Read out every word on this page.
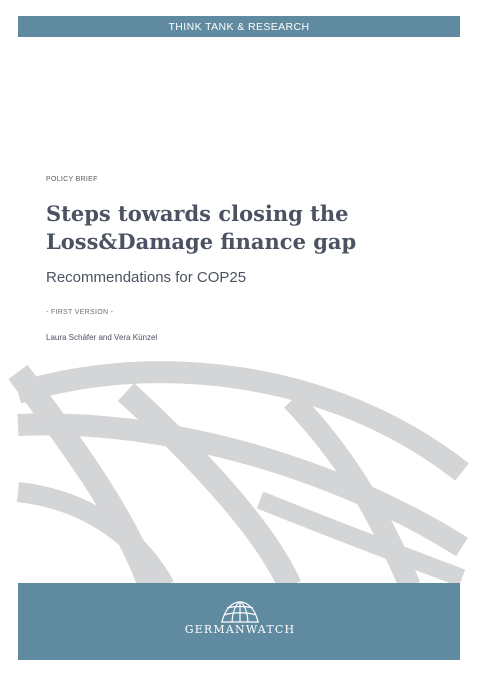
THINK TANK & RESEARCH
POLICY BRIEF
Steps towards closing the
Loss&Damage finance gap
Recommendations for COP25
- FIRST VERSION -
Laura Schäfer and Vera Künzel
GERMANWATCH
